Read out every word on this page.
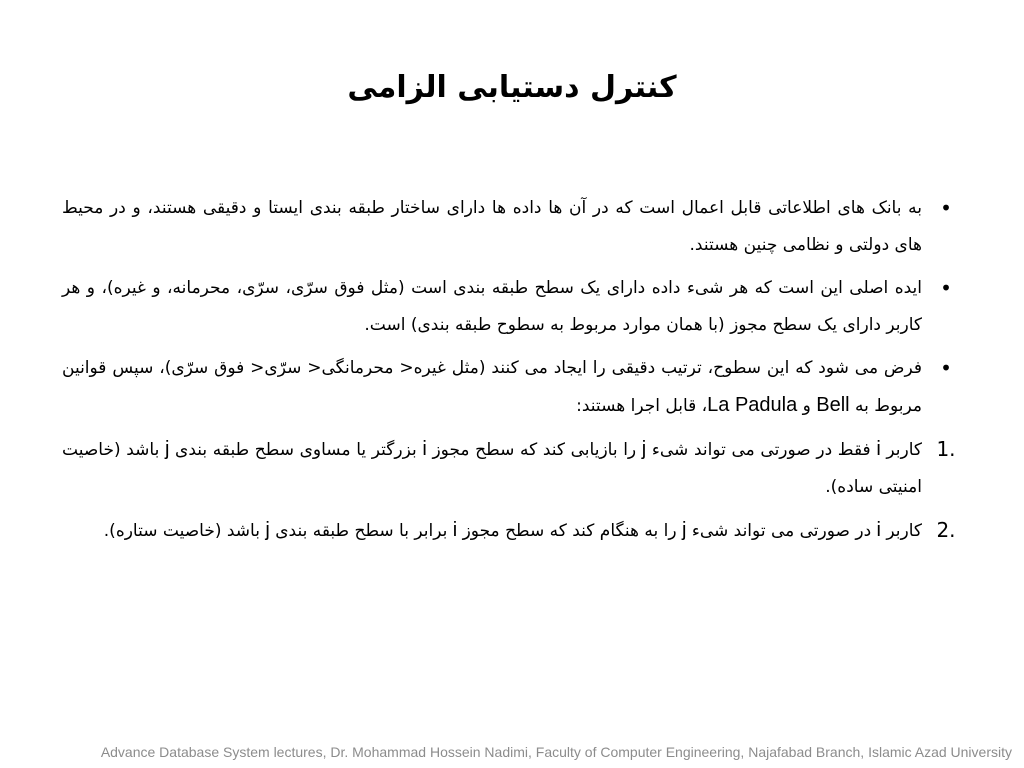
کنترل دستیابی الزامی
•
به بانک های اطلاعاتی قابل اعمال است که در آن ها داده ها دارای ساختار طبقه بندی ایستا و دقیقی هستند، و در محیط های دولتی و نظامی چنین هستند.
•
ایده اصلی این است که هر شیء داده دارای یک سطح طبقه بندی است (مثل فوق سرّی، سرّی، محرمانه، و غیره)، و هر کاربر دارای یک سطح مجوز (با همان موارد مربوط به سطوح طبقه بندی) است.
•
فرض می شود که این سطوح، ترتیب دقیقی را ایجاد می کنند (مثل غیره< محرمانگی< سرّی< فوق سرّی)، سپس قوانین مربوط به Bell و La Padula، قابل اجرا هستند:
1.
کاربر i فقط در صورتی می تواند شیء j را بازیابی کند که سطح مجوز i بزرگتر یا مساوی سطح طبقه بندی j باشد (خاصیت امنیتی ساده).
2.
کاربر i در صورتی می تواند شیء j را به هنگام کند که سطح مجوز i برابر با سطح طبقه بندی j باشد (خاصیت ستاره).
Advance Database System lectures, Dr. Mohammad Hossein Nadimi, Faculty of Computer Engineering, Najafabad Branch, Islamic Azad University
